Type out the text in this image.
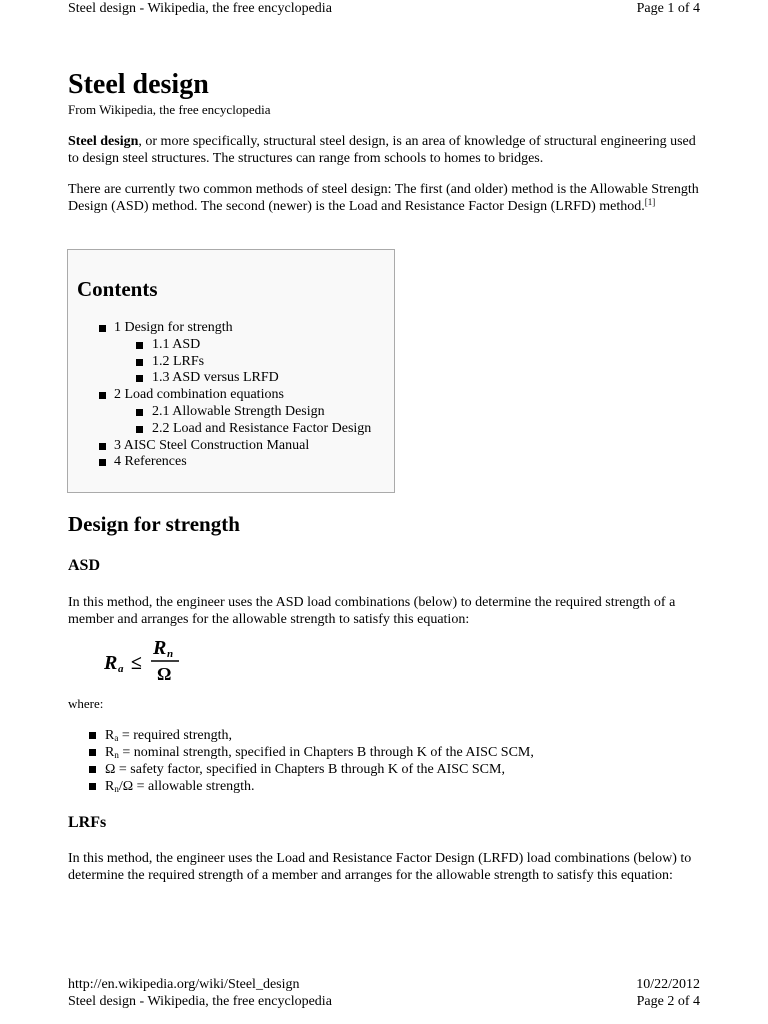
Steel design - Wikipedia, the free encyclopedia	Page 1 of 4
Steel design
From Wikipedia, the free encyclopedia
Steel design, or more specifically, structural steel design, is an area of knowledge of structural engineering used to design steel structures. The structures can range from schools to homes to bridges.
There are currently two common methods of steel design: The first (and older) method is the Allowable Strength Design (ASD) method. The second (newer) is the Load and Resistance Factor Design (LRFD) method.[1]
Contents
1 Design for strength
1.1 ASD
1.2 LRFs
1.3 ASD versus LRFD
2 Load combination equations
2.1 Allowable Strength Design
2.2 Load and Resistance Factor Design
3 AISC Steel Construction Manual
4 References
Design for strength
ASD
In this method, the engineer uses the ASD load combinations (below) to determine the required strength of a member and arranges for the allowable strength to satisfy this equation:
R a ≤
R n
Ω
where:
$R_a$ = required strength,
$R_n$ = nominal strength, specified in Chapters B through K of the AISC SCM,
Ω = safety factor, specified in Chapters B through K of the AISC SCM,
$R_n/\Omega$ = allowable strength.
LRFs
In this method, the engineer uses the Load and Resistance Factor Design (LRFD) load combinations (below) to determine the required strength of a member and arranges for the allowable strength to satisfy this equation:
http://en.wikipedia.org/wiki/Steel_design	10/22/2012
Steel design - Wikipedia, the free encyclopedia	Page 2 of 4
